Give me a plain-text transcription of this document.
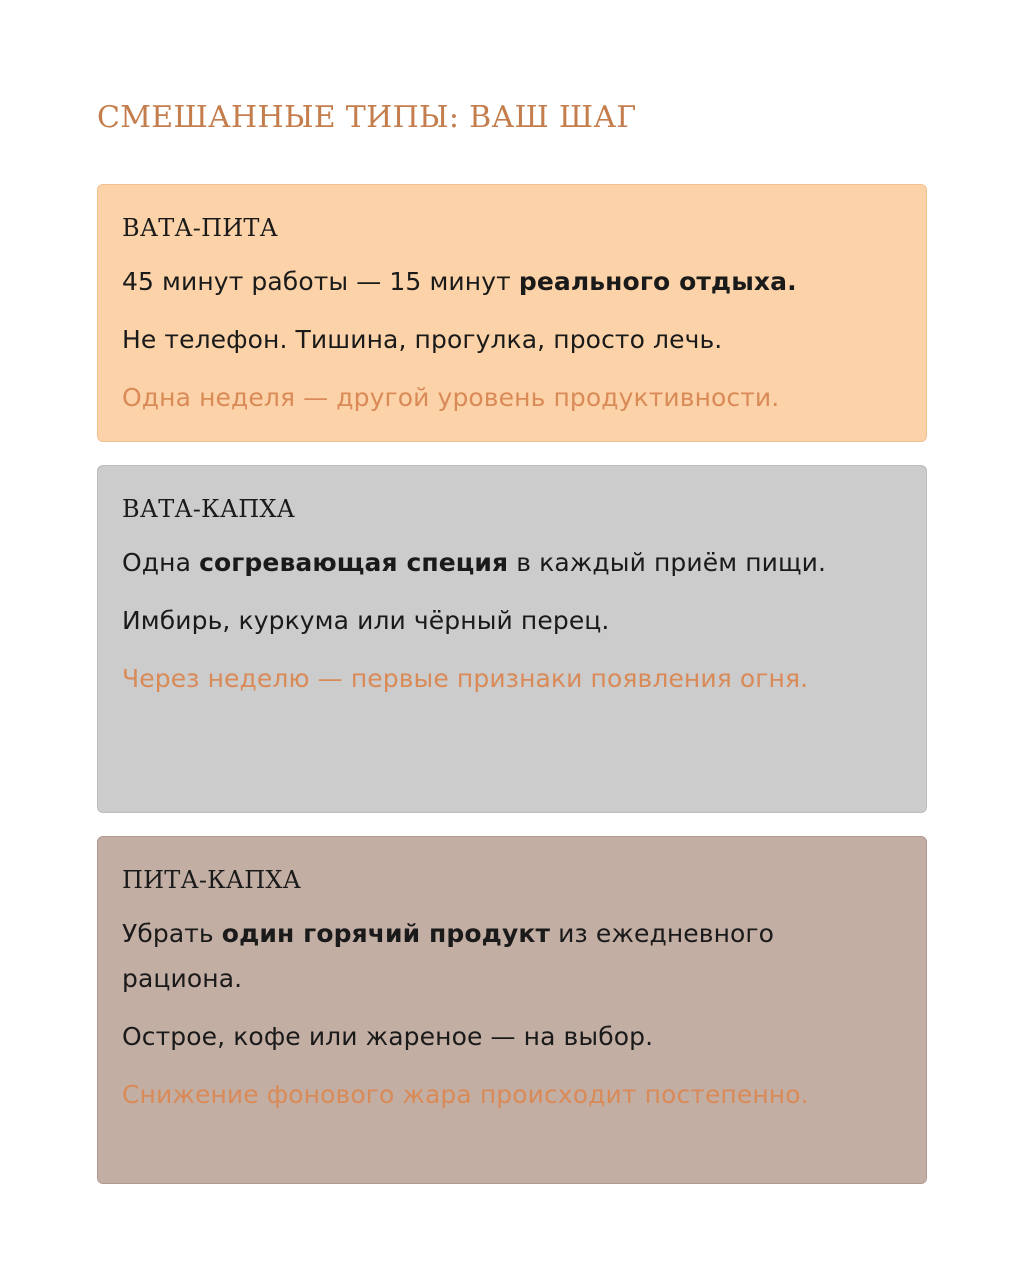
СМЕШАННЫЕ ТИПЫ: ВАШ ШАГ
ВАТА-ПИТА

45 минут работы — 15 минут реального отдыха.

Не телефон. Тишина, прогулка, просто лечь.

Одна неделя — другой уровень продуктивности.

ВАТА-КАПХА

Одна согревающая специя в каждый приём пищи.

Имбирь, куркума или чёрный перец.

Через неделю — первые признаки появления огня.

ПИТА-КАПХА

Убрать один горячий продукт из ежедневного рациона.

Острое, кофе или жареное — на выбор.

Снижение фонового жара происходит постепенно.
